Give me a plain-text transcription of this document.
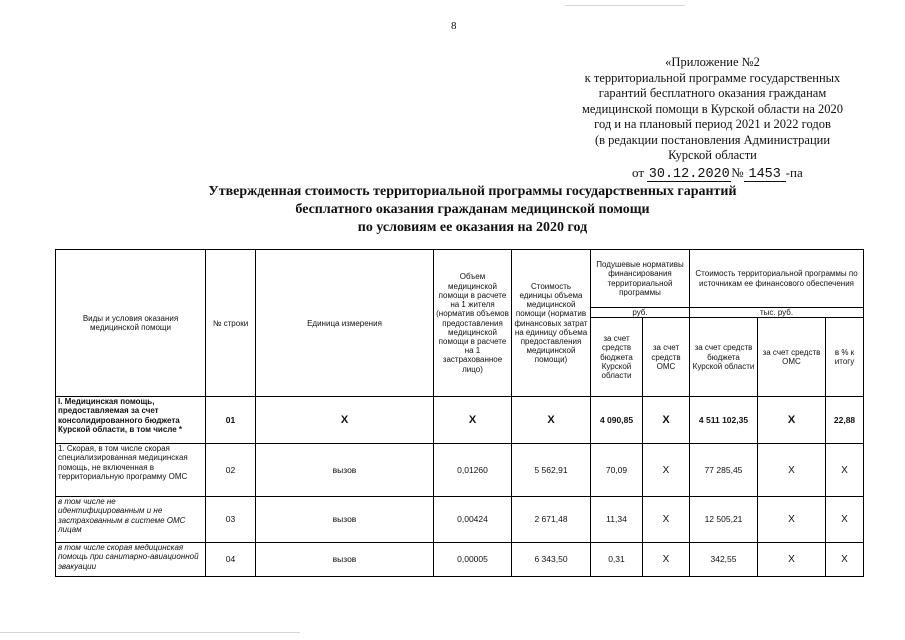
8
«Приложение №2
к территориальной программе государственных
гарантий бесплатного оказания гражданам
медицинской помощи в Курской области на 2020
год и на плановый период 2021 и 2022 годов
(в редакции постановления Администрации
Курской области
от 30.12.2020 № 1453 -па
Утвержденная стоимость территориальной программы государственных гарантий
бесплатного оказания гражданам медицинской помощи
по условиям ее оказания на 2020 год
Виды и условия оказания медицинской помощи	№ строки	Единица измерения	Объем медицинской помощи в расчете на 1 жителя (норматив объемов предоставления медицинской помощи в расчете на 1 застрахованное лицо)	Стоимость единицы объема медицинской помощи (норматив финансовых затрат на единицу объема предоставления медицинской помощи)	Подушевые нормативы финансирования территориальной программы		Стоимость территориальной программы по источникам ее финансового обеспечения		
					руб.		тыс. руб.		
					за счет средств бюджета Курской области	за счет средств ОМС	за счет средств бюджета Курской области	за счет средств ОМС	в % к итогу
I. Медицинская помощь, предоставляемая за счет консолидированного бюджета Курской области, в том числе *	01	X	X	X	4 090,85	X	4 511 102,35	X	22,88
1. Скорая, в том числе скорая специализированная медицинская помощь, не включенная в территориальную программу ОМС	02	вызов	0,01260	5 562,91	70,09	X	77 285,45	X	X
в том числе не идентифицированным и не застрахованным в системе ОМС лицам	03	вызов	0,00424	2 671,48	11,34	X	12 505,21	X	X
в том числе скорая медицинская помощь при санитарно-авиационной эвакуации	04	вызов	0,00005	6 343,50	0,31	X	342,55	X	X
